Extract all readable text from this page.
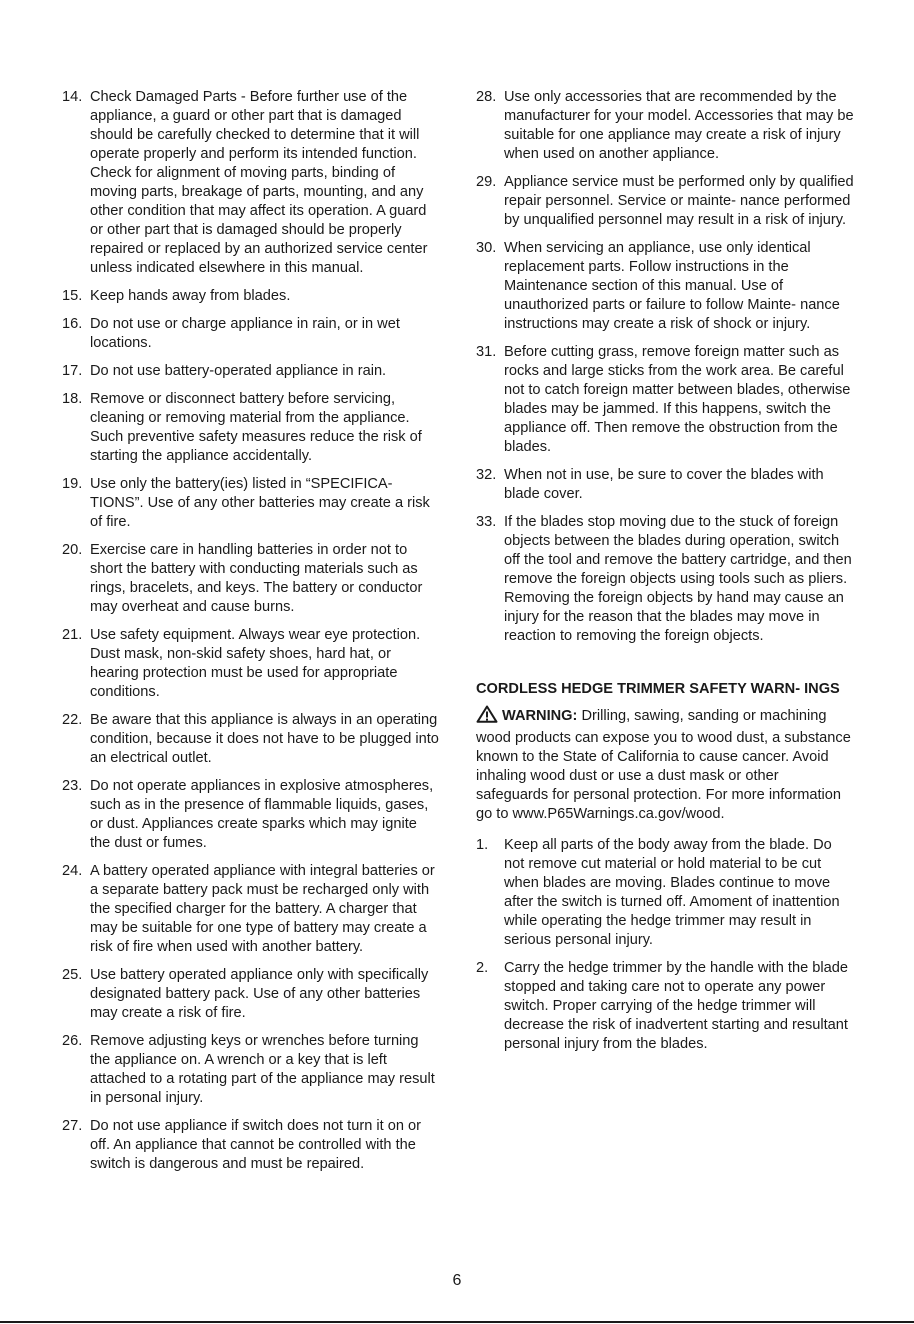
14. Check Damaged Parts - Before further use of the appliance, a guard or other part that is damaged should be carefully checked to determine that it will operate properly and perform its intended function. Check for alignment of moving parts, binding of moving parts, breakage of parts, mounting, and any other condition that may affect its operation. A guard or other part that is damaged should be properly repaired or replaced by an authorized service center unless indicated elsewhere in this manual.
15. Keep hands away from blades.
16. Do not use or charge appliance in rain, or in wet locations.
17. Do not use battery-operated appliance in rain.
18. Remove or disconnect battery before servicing, cleaning or removing material from the appliance. Such preventive safety measures reduce the risk of starting the appliance accidentally.
19. Use only the battery(ies) listed in “SPECIFICA- TIONS”. Use of any other batteries may create a risk of fire.
20. Exercise care in handling batteries in order not to short the battery with conducting materials such as rings, bracelets, and keys. The battery or conductor may overheat and cause burns.
21. Use safety equipment. Always wear eye protection. Dust mask, non-skid safety shoes, hard hat, or hearing protection must be used for appropriate conditions.
22. Be aware that this appliance is always in an operating condition, because it does not have to be plugged into an electrical outlet.
23. Do not operate appliances in explosive atmospheres, such as in the presence of flammable liquids, gases, or dust. Appliances create sparks which may ignite the dust or fumes.
24. A battery operated appliance with integral batteries or a separate battery pack must be recharged only with the specified charger for the battery. A charger that may be suitable for one type of battery may create a risk of fire when used with another battery.
25. Use battery operated appliance only with specifically designated battery pack. Use of any other batteries may create a risk of fire.
26. Remove adjusting keys or wrenches before turning the appliance on. A wrench or a key that is left attached to a rotating part of the appliance may result in personal injury.
27. Do not use appliance if switch does not turn it on or off. An appliance that cannot be controlled with the switch is dangerous and must be repaired.
28. Use only accessories that are recommended by the manufacturer for your model. Accessories that may be suitable for one appliance may create a risk of injury when used on another appliance.
29. Appliance service must be performed only by qualified repair personnel. Service or mainte- nance performed by unqualified personnel may result in a risk of injury.
30. When servicing an appliance, use only identical replacement parts. Follow instructions in the Maintenance section of this manual. Use of unauthorized parts or failure to follow Mainte- nance instructions may create a risk of shock or injury.
31. Before cutting grass, remove foreign matter such as rocks and large sticks from the work area. Be careful not to catch foreign matter between blades, otherwise blades may be jammed. If this happens, switch the appliance off. Then remove the obstruction from the blades.
32. When not in use, be sure to cover the blades with blade cover.
33. If the blades stop moving due to the stuck of foreign objects between the blades during operation, switch off the tool and remove the battery cartridge, and then remove the foreign objects using tools such as pliers. Removing the foreign objects by hand may cause an injury for the reason that the blades may move in reaction to removing the foreign objects.
CORDLESS HEDGE TRIMMER SAFETY WARN- INGS
WARNING: Drilling, sawing, sanding or machining wood products can expose you to wood dust, a substance known to the State of California to cause cancer. Avoid inhaling wood dust or use a dust mask or other safeguards for personal protection. For more information go to www.P65Warnings.ca.gov/wood.
1.	Keep all parts of the body away from the blade. Do not remove cut material or hold material to be cut when blades are moving. Blades continue to move after the switch is turned off. Amoment of inattention while operating the hedge trimmer may result in serious personal injury.
2.	Carry the hedge trimmer by the handle with the blade stopped and taking care not to operate any power switch. Proper carrying of the hedge trimmer will decrease the risk of inadvertent starting and resultant personal injury from the blades.
6
